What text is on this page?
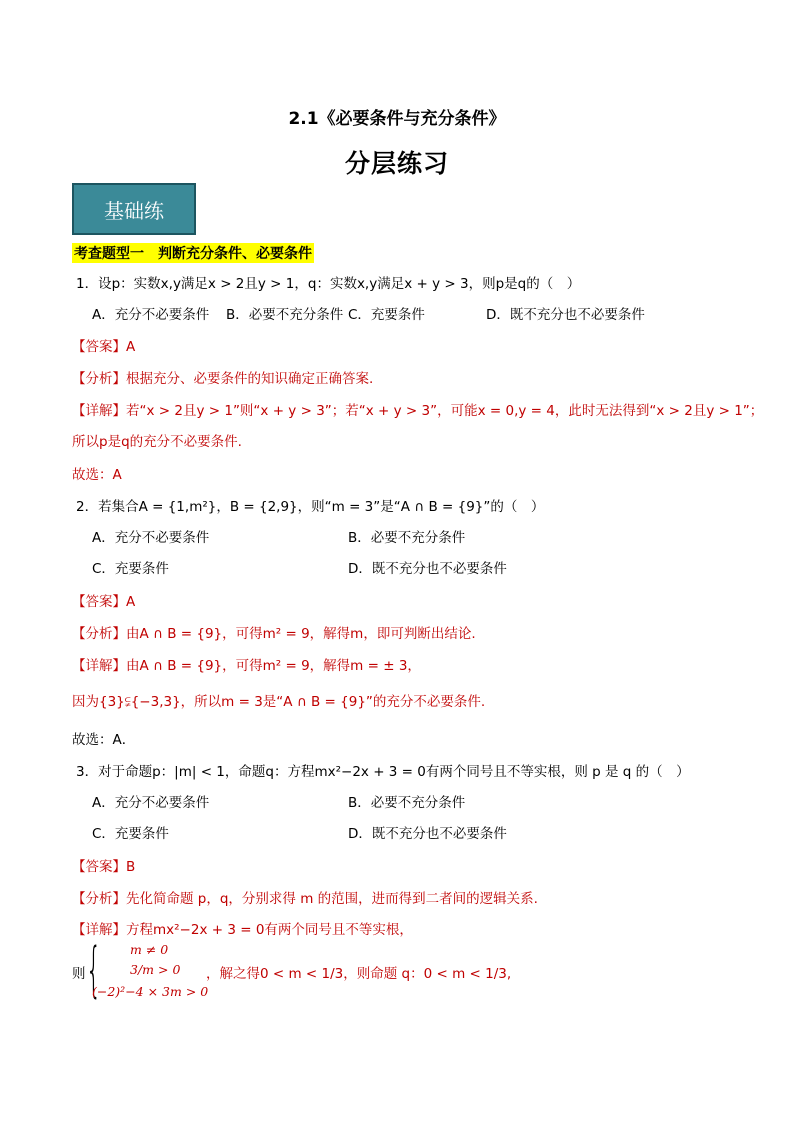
2.1《必要条件与充分条件》
分层练习
基础练
考查题型一　判断充分条件、必要条件
1．设p：实数x,y满足x > 2且y > 1，q：实数x,y满足x + y > 3，则p是q的（　）
A．充分不必要条件 B．必要不充分条件 C．充要条件	D．既不充分也不必要条件
【答案】A
【分析】根据充分、必要条件的知识确定正确答案.
【详解】若“x > 2且y > 1”则“x + y > 3”；若“x + y > 3”，可能x = 0,y = 4，此时无法得到“x > 2且y > 1”；
所以p是q的充分不必要条件.
故选：A
2．若集合A = {1,m²}，B = {2,9}，则“m = 3”是“A ∩ B = {9}”的（　）
A．充分不必要条件	B．必要不充分条件
C．充要条件	D．既不充分也不必要条件
【答案】A
【分析】由A ∩ B = {9}，可得m² = 9，解得m，即可判断出结论.
【详解】由A ∩ B = {9}，可得m² = 9，解得m = ± 3，
因为{3}⫋{−3,3}，所以m = 3是“A ∩ B = {9}”的充分不必要条件.
故选：A．
3．对于命题p：|m| < 1，命题q：方程mx²−2x + 3 = 0有两个同号且不等实根，则 p 是 q 的（　）
A．充分不必要条件	B．必要不充分条件
C．充要条件	D．既不充分也不必要条件
【答案】B
【分析】先化简命题 p，q，分别求得 m 的范围，进而得到二者间的逻辑关系.
【详解】方程mx²−2x + 3 = 0有两个同号且不等实根，
则 { m ≠ 0
3/m > 0
(−2)²−4 × 3m > 0
，解之得0 < m < 1/3，则命题 q：0 < m < 1/3,
